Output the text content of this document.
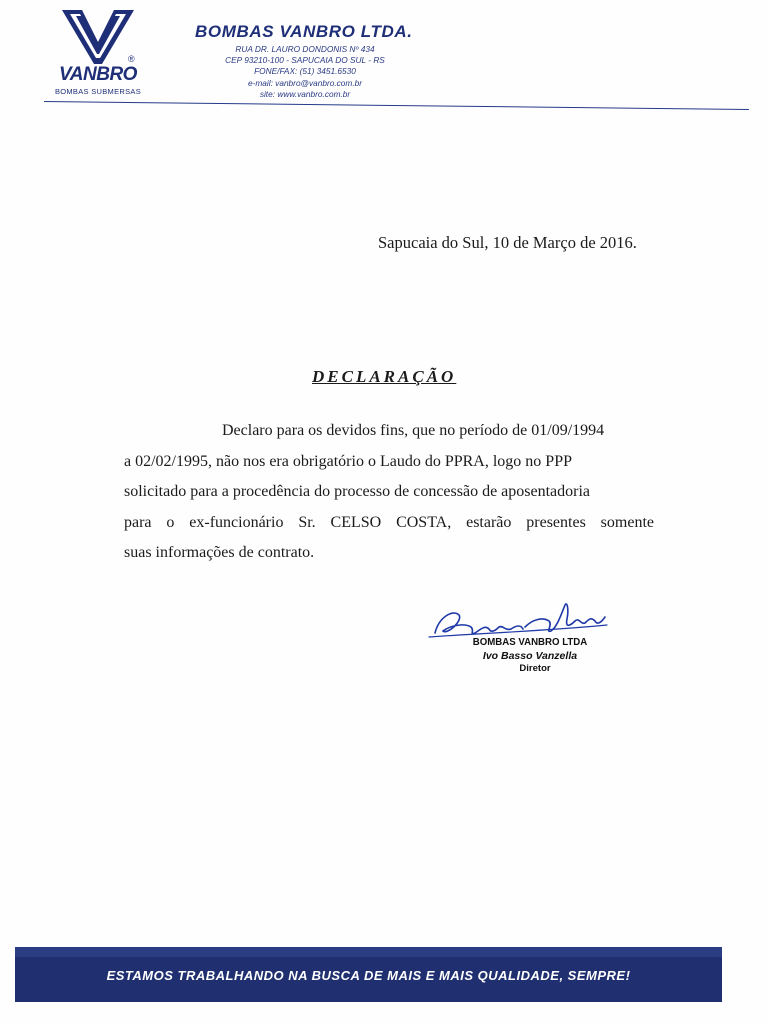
®
VANBRO
BOMBAS SUBMERSAS
BOMBAS VANBRO LTDA.
RUA DR. LAURO DONDONIS Nº 434
CEP 93210-100 - SAPUCAIA DO SUL - RS
FONE/FAX: (51) 3451.6530
e-mail: vanbro@vanbro.com.br
site: www.vanbro.com.br
Sapucaia do Sul, 10 de Março de 2016.
DECLARAÇÃO
Declaro para os devidos fins, que no período de 01/09/1994
a 02/02/1995, não nos era obrigatório o Laudo do PPRA, logo no PPP
solicitado para a procedência do processo de concessão de aposentadoria
para o ex-funcionário Sr. CELSO COSTA, estarão presentes somente
suas informações de contrato.
BOMBAS VANBRO LTDA
Ivo Basso Vanzella
Diretor
ESTAMOS TRABALHANDO NA BUSCA DE MAIS E MAIS QUALIDADE, SEMPRE!
